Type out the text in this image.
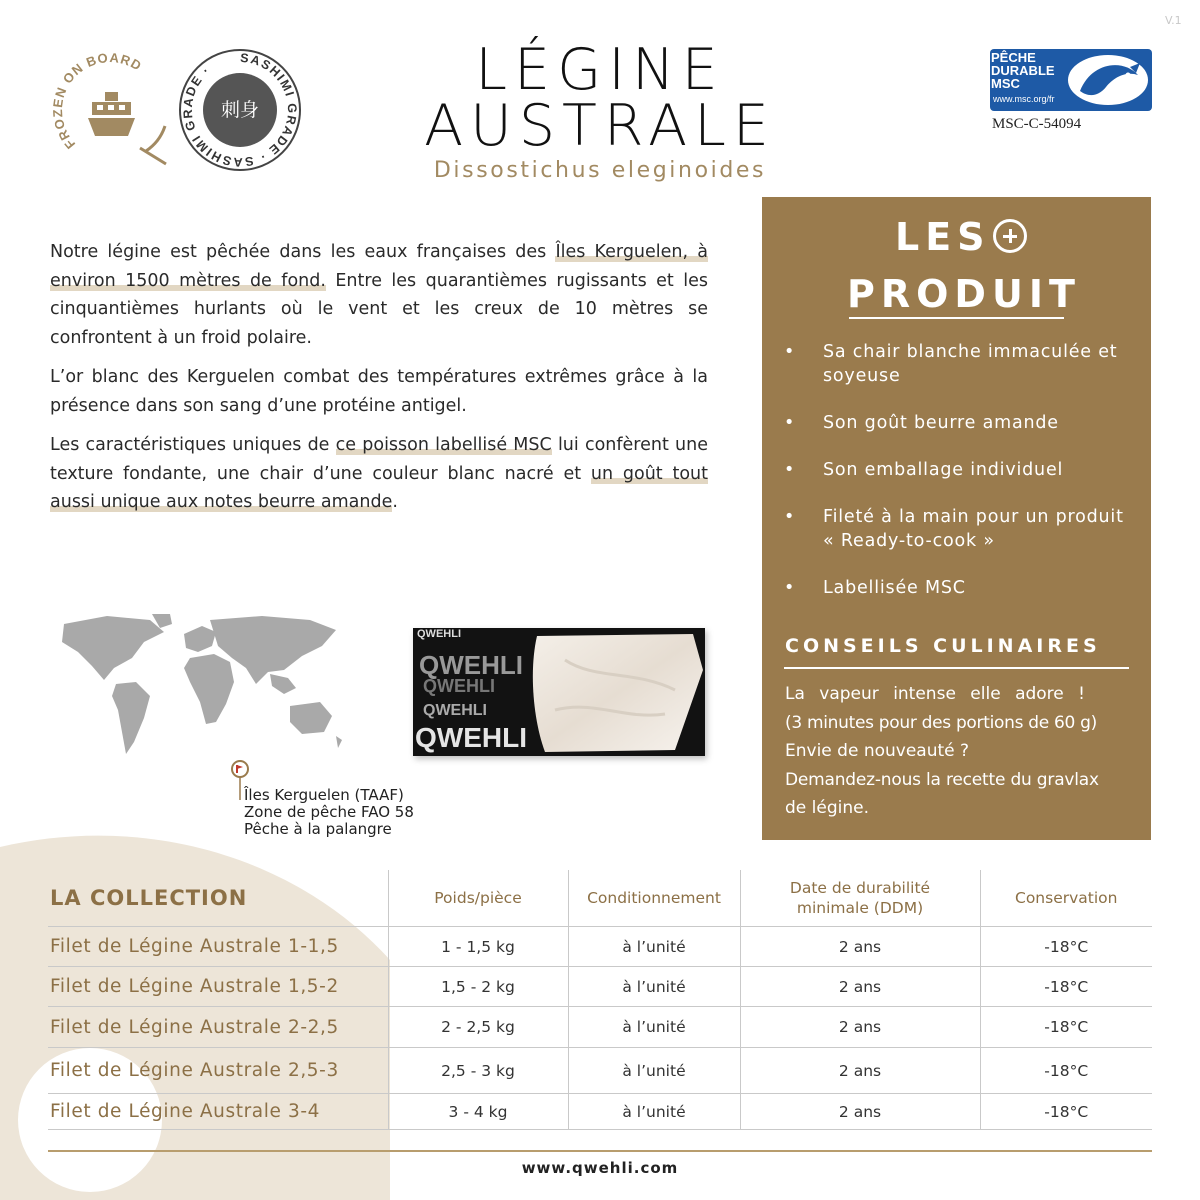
V.1
FROZEN ON BOARD	SASHIMI GRADE · SASHIMI GRADE ·
刺身
LÉGINE
AUSTRALE
Dissostichus eleginoides
PÊCHE
DURABLE
MSC
www.msc.org/fr
MSC-C-54094

Notre légine est pêchée dans les eaux françaises des Îles Kerguelen, à environ 1500 mètres de fond. Entre les quarantièmes rugissants et les cinquantièmes hurlants où le vent et les creux de 10 mètres se confrontent à un froid polaire.

L’or blanc des Kerguelen combat des températures extrêmes grâce à la présence dans son sang d’une protéine antigel.

Les caractéristiques uniques de ce poisson labellisé MSC lui confèrent une texture fondante, une chair d’une couleur blanc nacré et un goût tout aussi unique aux notes beurre amande.

Îles Kerguelen (TAAF)
Zone de pêche FAO 58
Pêche à la palangre
QWEHLI
QWEHLI
QWEHLI
QWEHLI
QWEHLI
LES
PRODUIT
• Sa chair blanche immaculée et soyeuse
• Son goût beurre amande
• Son emballage individuel
• Fileté à la main pour un produit « Ready-to-cook »
• Labellisée MSC
CONSEILS CULINAIRES
La vapeur intense elle adore !
(3 minutes pour des portions de 60 g)
Envie de nouveauté ?
Demandez-nous la recette du gravlax
de légine.
LA COLLECTION	Poids/pièce	Conditionnement	Date de durabilité minimale (DDM)	Conservation
Filet de Légine Australe 1-1,5	1 - 1,5 kg	à l’unité	2 ans	-18°C
Filet de Légine Australe 1,5-2	1,5 - 2 kg	à l’unité	2 ans	-18°C
Filet de Légine Australe 2-2,5	2 - 2,5 kg	à l’unité	2 ans	-18°C
Filet de Légine Australe 2,5-3	2,5 - 3 kg	à l’unité	2 ans	-18°C
Filet de Légine Australe 3-4	3 - 4 kg	à l’unité	2 ans	-18°C
www.qwehli.com
